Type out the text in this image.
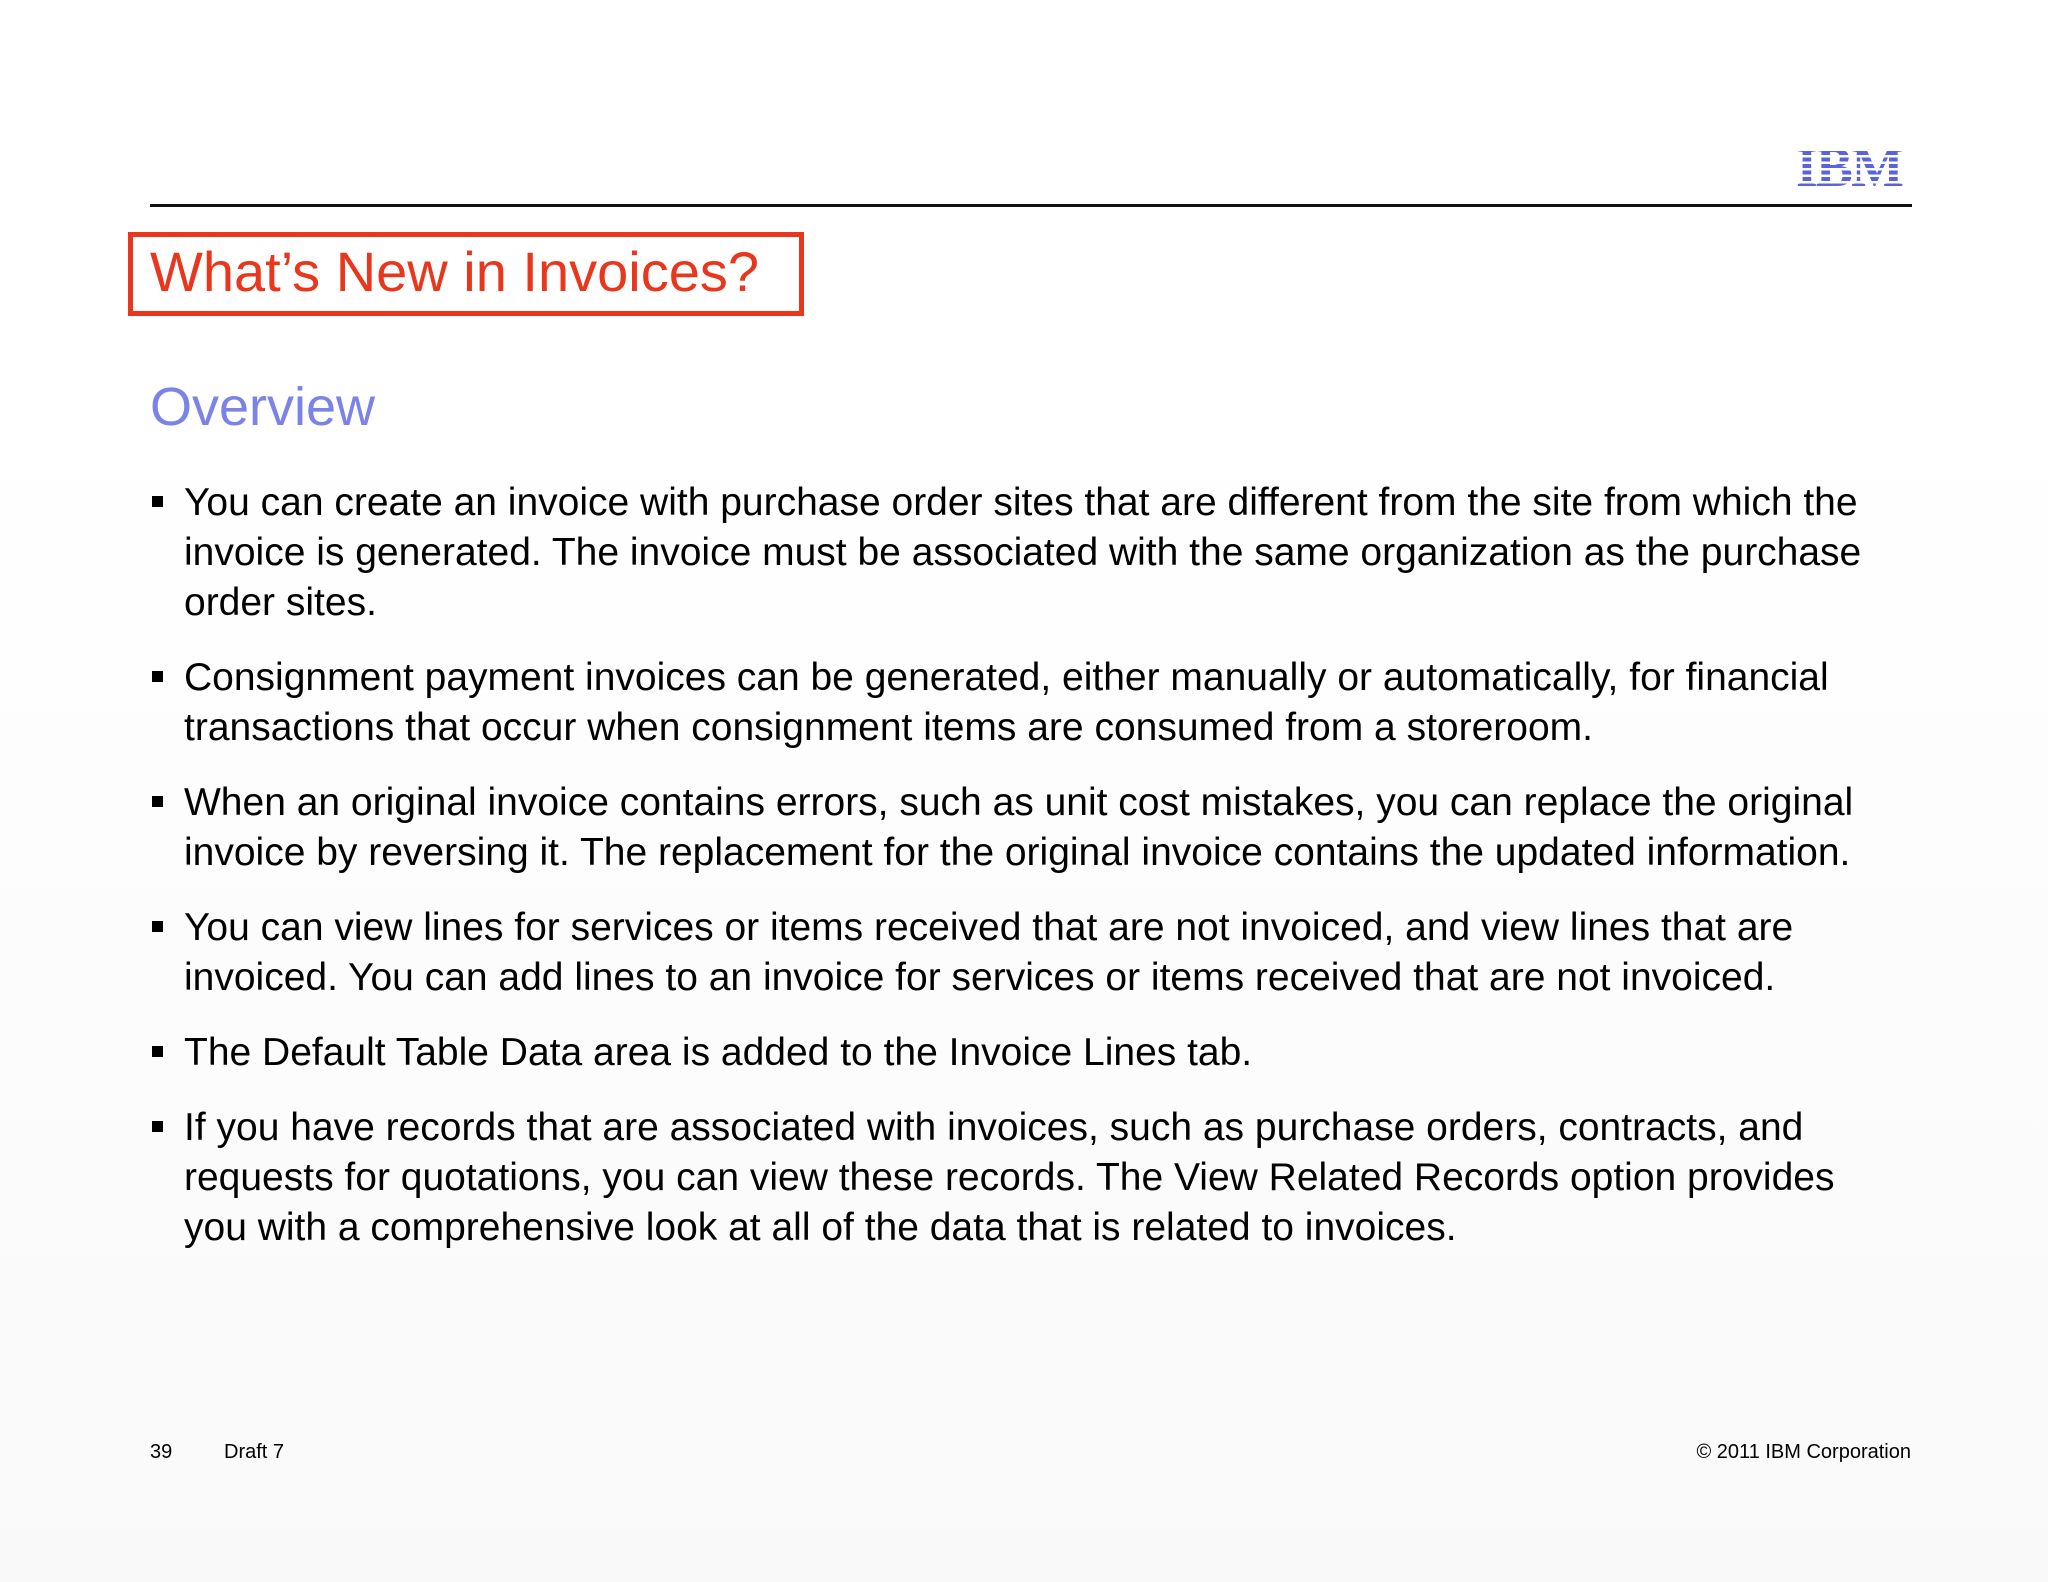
IBM
What’s New in Invoices?
Overview
You can create an invoice with purchase order sites that are different from the site from which the invoice is generated. The invoice must be associated with the same organization as the purchase order sites.
Consignment payment invoices can be generated, either manually or automatically, for financial transactions that occur when consignment items are consumed from a storeroom.
When an original invoice contains errors, such as unit cost mistakes, you can replace the original invoice by reversing it. The replacement for the original invoice contains the updated information.
You can view lines for services or items received that are not invoiced, and view lines that are invoiced. You can add lines to an invoice for services or items received that are not invoiced.
The Default Table Data area is added to the Invoice Lines tab.
If you have records that are associated with invoices, such as purchase orders, contracts, and requests for quotations, you can view these records. The View Related Records option provides you with a comprehensive look at all of the data that is related to invoices.
39	Draft 7	© 2011 IBM Corporation
